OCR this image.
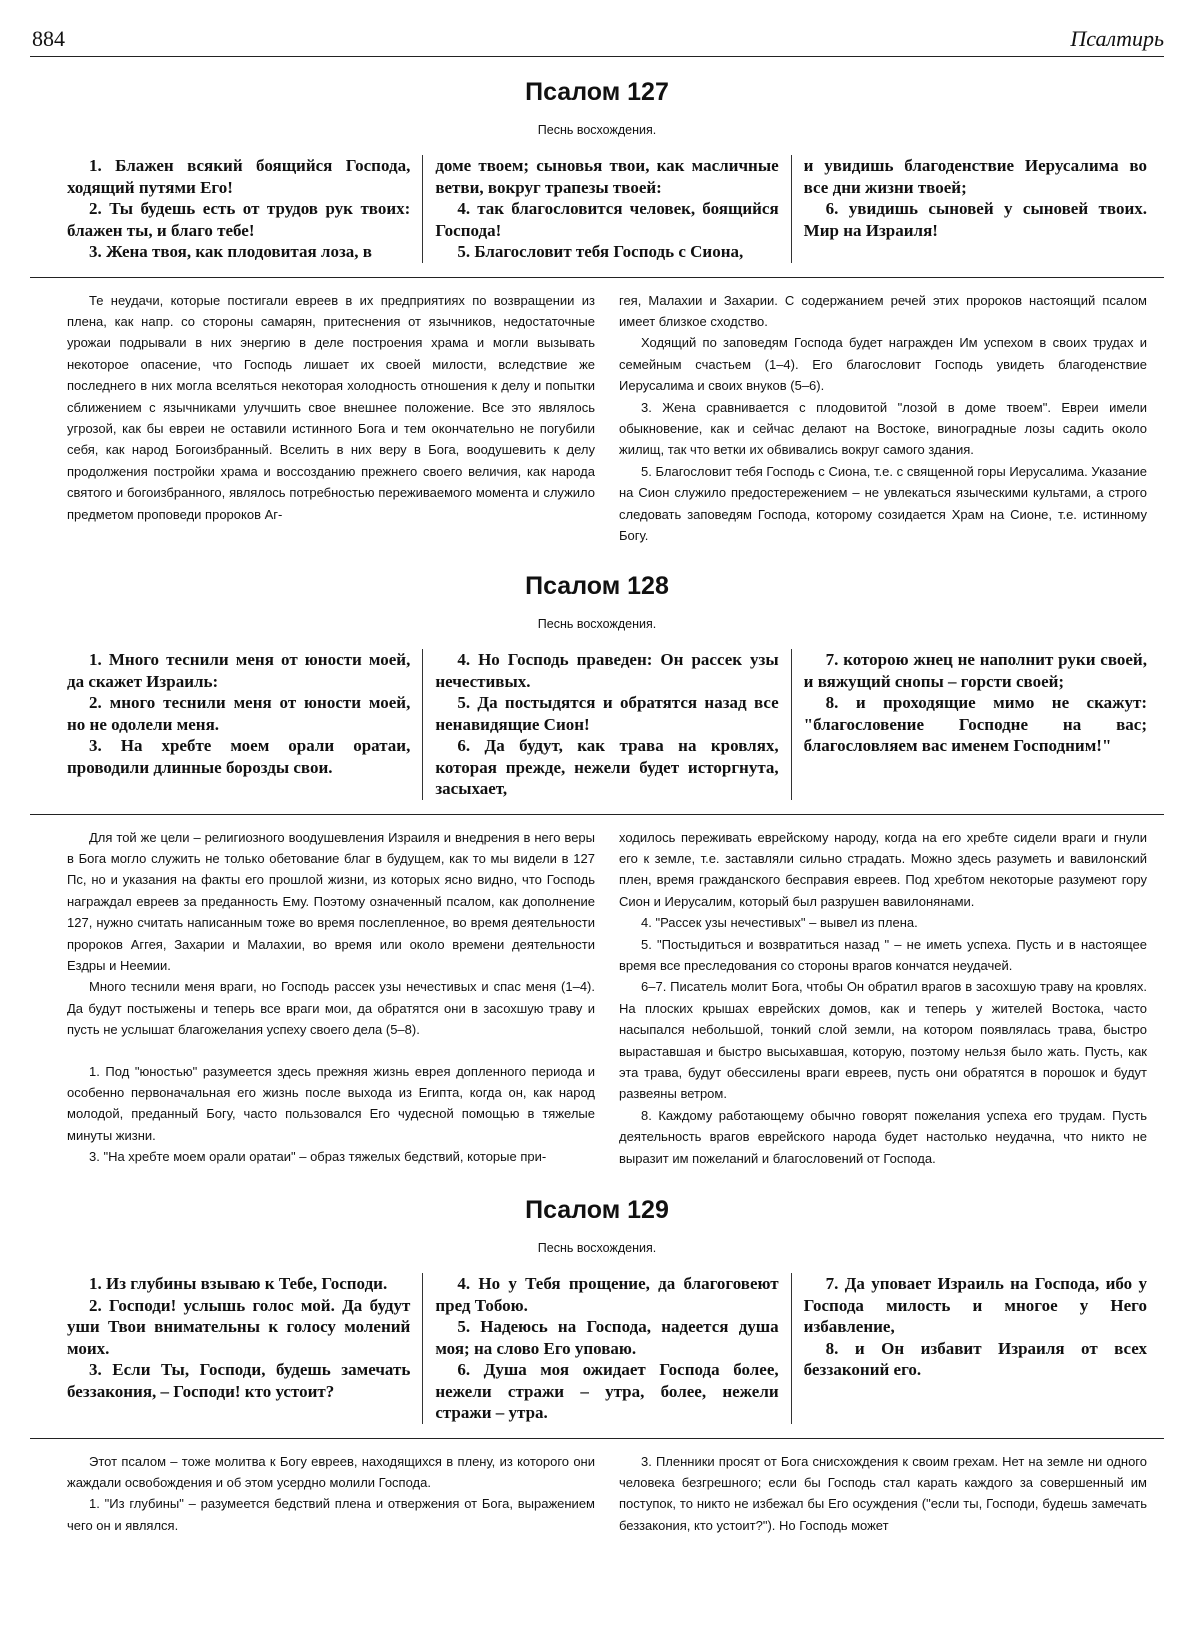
884	Псалтирь
Псалом 127
Песнь восхождения.

1. Блажен всякий боящийся Господа, ходящий путями Его!

2. Ты будешь есть от трудов рук твоих: блажен ты, и благо тебе!

3. Жена твоя, как плодовитая лоза, в

доме твоем; сыновья твои, как масличные ветви, вокруг трапезы твоей:

4. так благословится человек, боящийся Господа!

5. Благословит тебя Господь с Сиона,

и увидишь благоденствие Иерусалима во все дни жизни твоей;

6. увидишь сыновей у сыновей твоих. Мир на Израиля!

Те неудачи, которые постигали евреев в их предприятиях по возвращении из плена, как напр. со стороны самарян, притеснения от язычников, недостаточные урожаи подрывали в них энергию в деле построения храма и могли вызывать некоторое опасение, что Господь лишает их своей милости, вследствие же последнего в них могла вселяться некоторая холодность отношения к делу и попытки сближением с язычниками улучшить свое внешнее положение. Все это являлось угрозой, как бы евреи не оставили истинного Бога и тем окончательно не погубили себя, как народ Богоизбранный. Вселить в них веру в Бога, воодушевить к делу продолжения постройки храма и воссозданию прежнего своего величия, как народа святого и богоизбранного, являлось потребностью переживаемого момента и служило предметом проповеди пророков Аг-

гея, Малахии и Захарии. С содержанием речей этих пророков настоящий псалом имеет близкое сходство.

Ходящий по заповедям Господа будет награжден Им успехом в своих трудах и семейным счастьем (1–4). Его благословит Господь увидеть благоденствие Иерусалима и своих внуков (5–6).

3. Жена сравнивается с плодовитой "лозой в доме твоем". Евреи имели обыкновение, как и сейчас делают на Востоке, виноградные лозы садить около жилищ, так что ветки их обвивались вокруг самого здания.

5. Благословит тебя Господь с Сиона, т.е. с священной горы Иерусалима. Указание на Сион служило предостережением – не увлекаться языческими культами, а строго следовать заповедям Господа, которому созидается Храм на Сионе, т.е. истинному Богу.

Псалом 128
Песнь восхождения.

1. Много теснили меня от юности моей, да скажет Израиль:

2. много теснили меня от юности моей, но не одолели меня.

3. На хребте моем орали оратаи, проводили длинные борозды свои.

4. Но Господь праведен: Он рассек узы нечестивых.

5. Да постыдятся и обратятся назад все ненавидящие Сион!

6. Да будут, как трава на кровлях, которая прежде, нежели будет исторгнута, засыхает,

7. которою жнец не наполнит руки своей, и вяжущий снопы – горсти своей;

8. и проходящие мимо не скажут: "благословение Господне на вас; благословляем вас именем Господним!"

Для той же цели – религиозного воодушевления Израиля и внедрения в него веры в Бога могло служить не только обетование благ в будущем, как то мы видели в 127 Пс, но и указания на факты его прошлой жизни, из которых ясно видно, что Господь награждал евреев за преданность Ему. Поэтому означенный псалом, как дополнение 127, нужно считать написанным тоже во время послепленное, во время деятельности пророков Аггея, Захарии и Малахии, во время или около времени деятельности Ездры и Неемии.

Много теснили меня враги, но Господь рассек узы нечестивых и спас меня (1–4). Да будут постыжены и теперь все враги мои, да обратятся они в засохшую траву и пусть не услышат благожелания успеху своего дела (5–8).

1. Под "юностью" разумеется здесь прежняя жизнь еврея допленного периода и особенно первоначальная его жизнь после выхода из Египта, когда он, как народ молодой, преданный Богу, часто пользовался Его чудесной помощью в тяжелые минуты жизни.

3. "На хребте моем орали оратаи" – образ тяжелых бедствий, которые при-

ходилось переживать еврейскому народу, когда на его хребте сидели враги и гнули его к земле, т.е. заставляли сильно страдать. Можно здесь разуметь и вавилонский плен, время гражданского бесправия евреев. Под хребтом некоторые разумеют гору Сион и Иерусалим, который был разрушен вавилонянами.

4. "Рассек узы нечестивых" – вывел из плена.

5. "Постыдиться и возвратиться назад " – не иметь успеха. Пусть и в настоящее время все преследования со стороны врагов кончатся неудачей.

6–7. Писатель молит Бога, чтобы Он обратил врагов в засохшую траву на кровлях. На плоских крышах еврейских домов, как и теперь у жителей Востока, часто насыпался небольшой, тонкий слой земли, на котором появлялась трава, быстро выраставшая и быстро высыхавшая, которую, поэтому нельзя было жать. Пусть, как эта трава, будут обессилены враги евреев, пусть они обратятся в порошок и будут развеяны ветром.

8. Каждому работающему обычно говорят пожелания успеха его трудам. Пусть деятельность врагов еврейского народа будет настолько неудачна, что никто не выразит им пожеланий и благословений от Господа.

Псалом 129
Песнь восхождения.

1. Из глубины взываю к Тебе, Господи.

2. Господи! услышь голос мой. Да будут уши Твои внимательны к голосу молений моих.

3. Если Ты, Господи, будешь замечать беззакония, – Господи! кто устоит?

4. Но у Тебя прощение, да благоговеют пред Тобою.

5. Надеюсь на Господа, надеется душа моя; на слово Его уповаю.

6. Душа моя ожидает Господа более, нежели стражи – утра, более, нежели стражи – утра.

7. Да уповает Израиль на Господа, ибо у Господа милость и многое у Него избавление,

8. и Он избавит Израиля от всех беззаконий его.

Этот псалом – тоже молитва к Богу евреев, находящихся в плену, из которого они жаждали освобождения и об этом усердно молили Господа.

1. "Из глубины" – разумеется бедствий плена и отвержения от Бога, выражением чего он и являлся.

3. Пленники просят от Бога снисхождения к своим грехам. Нет на земле ни одного человека безгрешного; если бы Господь стал карать каждого за совершенный им поступок, то никто не избежал бы Его осуждения ("если ты, Господи, будешь замечать беззакония, кто устоит?"). Но Господь может
